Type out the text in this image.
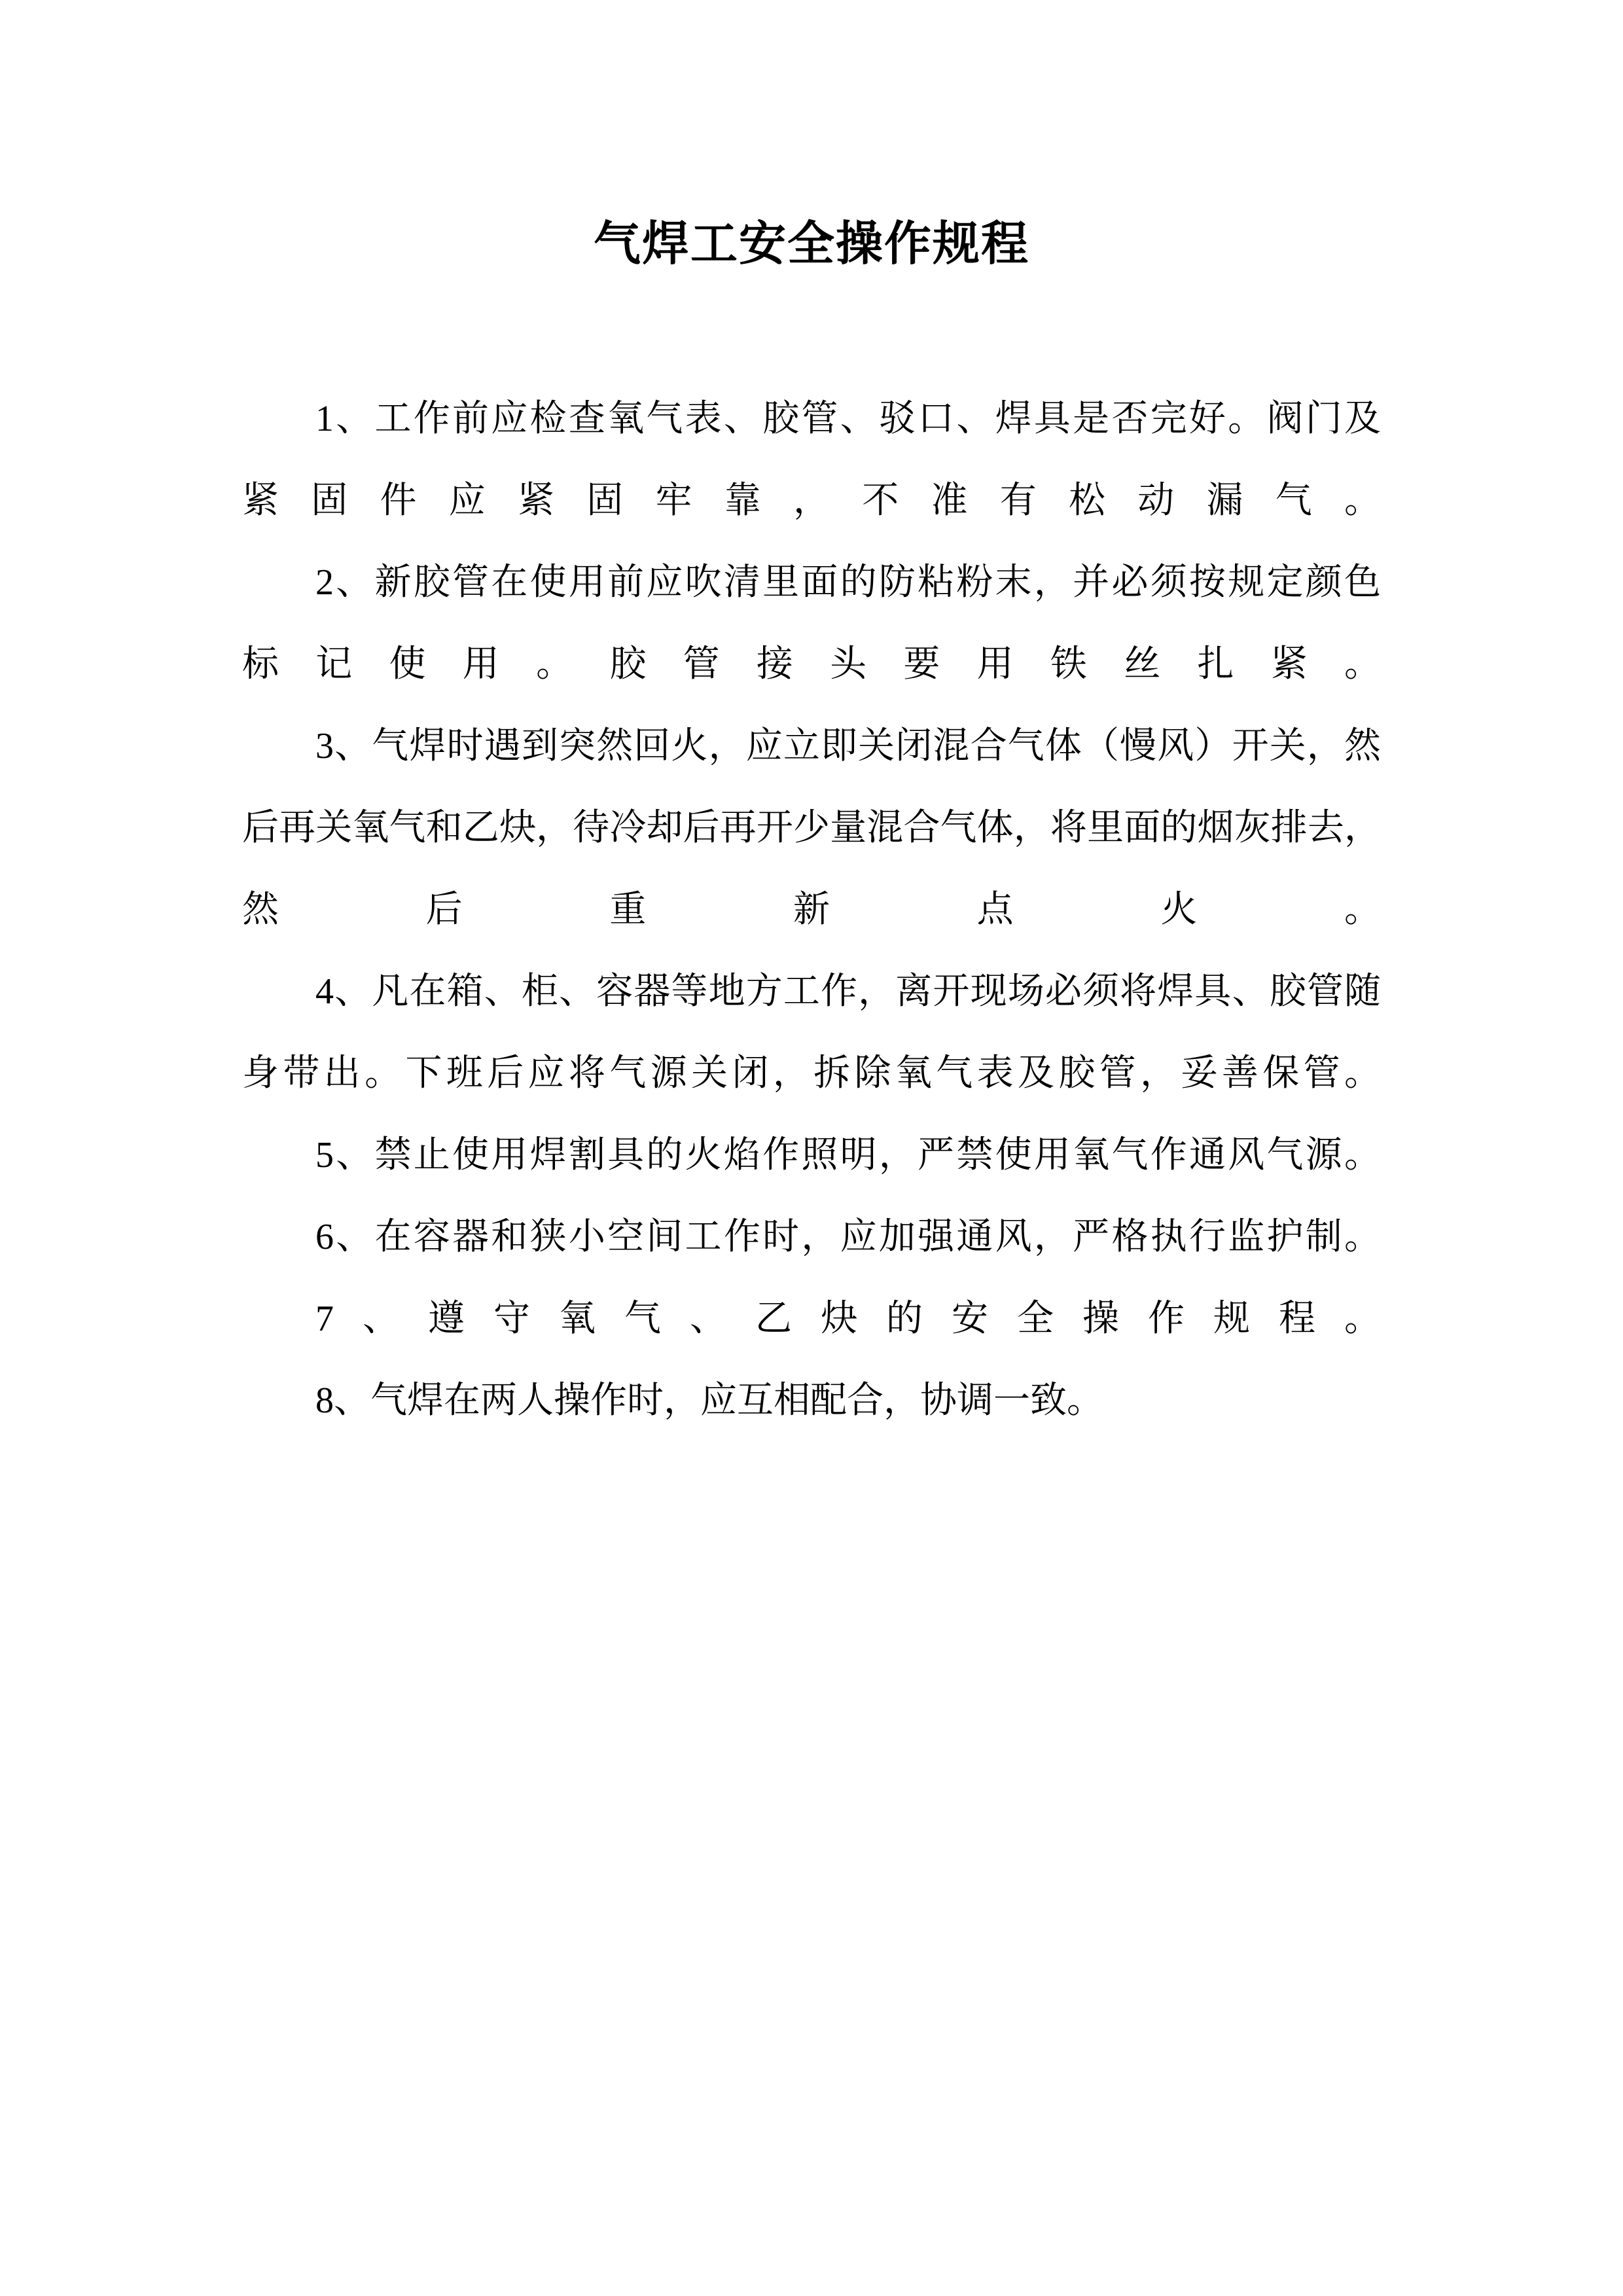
气焊工安全操作规程
1、工作前应检查氧气表、胶管、驳口、焊具是否完好。阀门及
紧固件应紧固牢靠，不准有松动漏气。
2、新胶管在使用前应吹清里面的防粘粉末，并必须按规定颜色
标记使用。胶管接头要用铁丝扎紧。
3、气焊时遇到突然回火，应立即关闭混合气体（慢风）开关，然
后再关氧气和乙炔，待冷却后再开少量混合气体，将里面的烟灰排去，
然后重新点火。
4、凡在箱、柜、容器等地方工作，离开现场必须将焊具、胶管随
身带出。下班后应将气源关闭，拆除氧气表及胶管，妥善保管。
5、禁止使用焊割具的火焰作照明，严禁使用氧气作通风气源。
6、在容器和狭小空间工作时，应加强通风，严格执行监护制。
7、遵守氧气、乙炔的安全操作规程。
8、气焊在两人操作时，应互相配合，协调一致。
